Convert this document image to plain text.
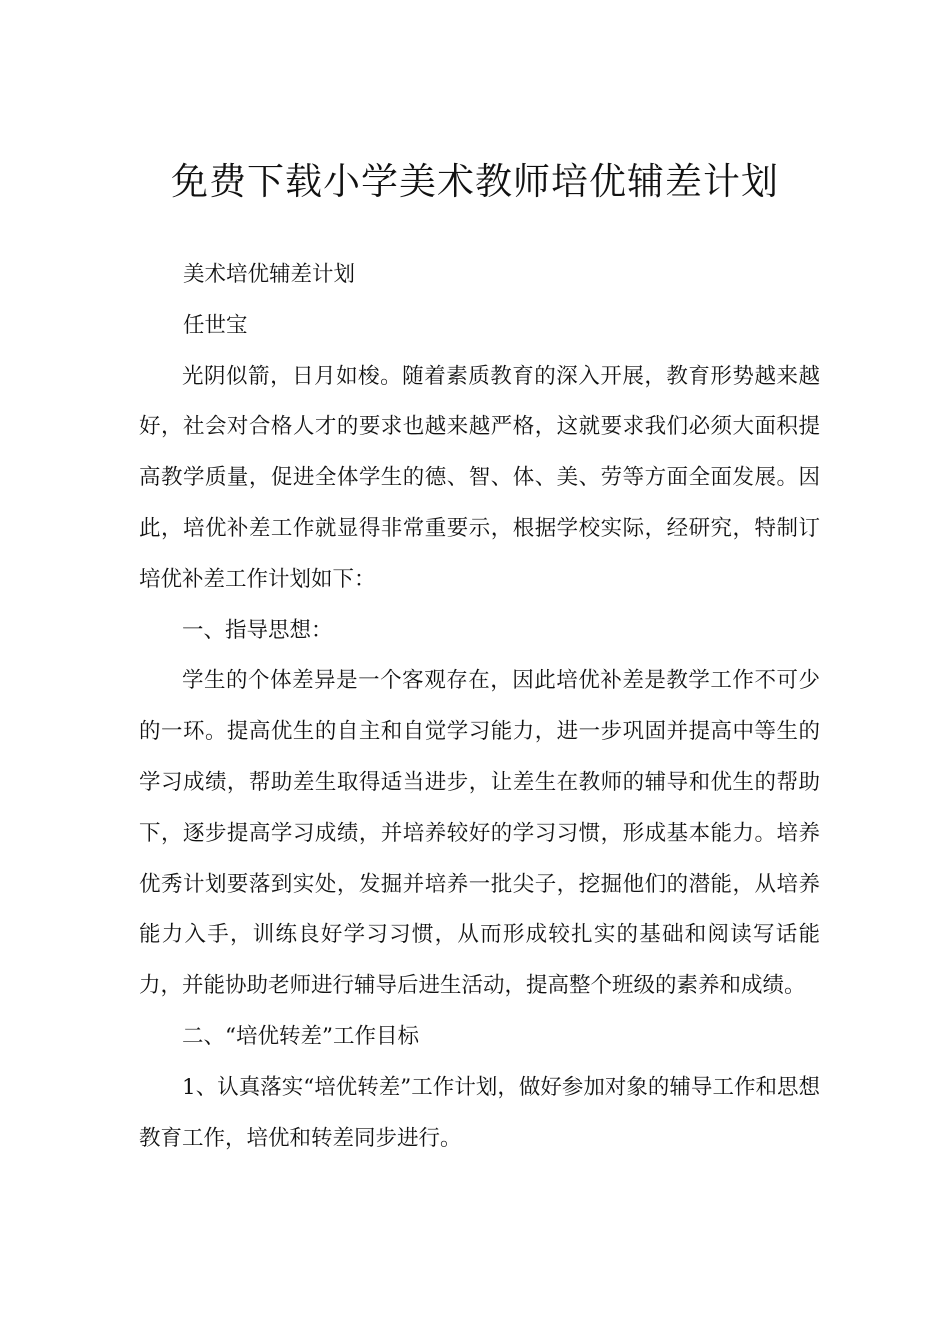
免费下载小学美术教师培优辅差计划

美术培优辅差计划

任世宝

光阴似箭，日月如梭。随着素质教育的深入开展，教育形势越来越好，社会对合格人才的要求也越来越严格，这就要求我们必须大面积提高教学质量，促进全体学生的德、智、体、美、劳等方面全面发展。因此，培优补差工作就显得非常重要示，根据学校实际，经研究，特制订培优补差工作计划如下：

一、指导思想：

学生的个体差异是一个客观存在，因此培优补差是教学工作不可少的一环。提高优生的自主和自觉学习能力，进一步巩固并提高中等生的学习成绩，帮助差生取得适当进步，让差生在教师的辅导和优生的帮助下，逐步提高学习成绩，并培养较好的学习习惯，形成基本能力。培养优秀计划要落到实处，发掘并培养一批尖子，挖掘他们的潜能，从培养能力入手，训练良好学习习惯，从而形成较扎实的基础和阅读写话能力，并能协助老师进行辅导后进生活动，提高整个班级的素养和成绩。

二、“培优转差”工作目标

1、认真落实“培优转差”工作计划，做好参加对象的辅导工作和思想教育工作，培优和转差同步进行。
